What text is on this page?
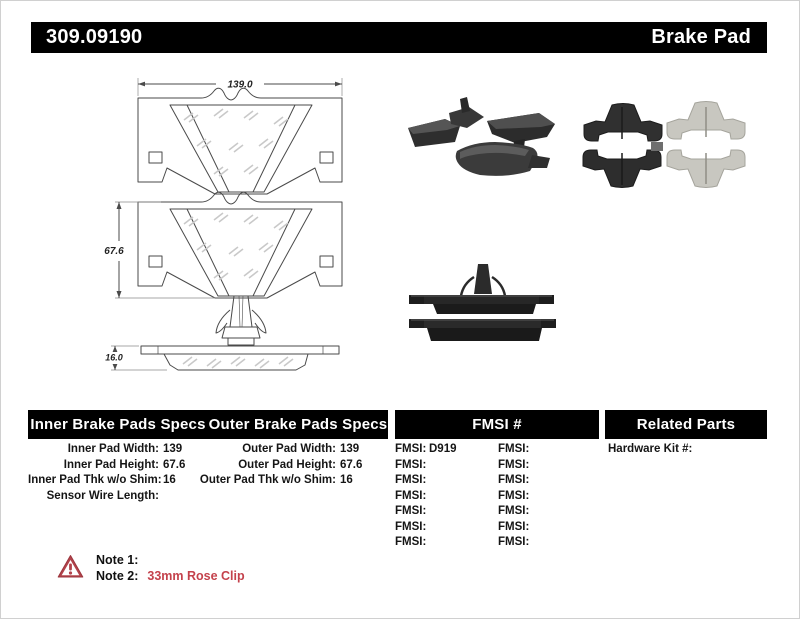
309.09190	Brake Pad
139.0
67.6
16.0
Inner Brake Pads Specs Outer Brake Pads Specs	FMSI #	Related Parts
Inner Pad Width: 139
Inner Pad Height: 67.6
Inner Pad Thk w/o Shim: 16
Sensor Wire Length:
Outer Pad Width: 139
Outer Pad Height: 67.6
Outer Pad Thk w/o Shim: 16
FMSI: D919
FMSI:
FMSI:
FMSI:
FMSI:
FMSI:
FMSI:
FMSI:
FMSI:
FMSI:
FMSI:
FMSI:
FMSI:
FMSI:
Hardware Kit #:
Note 1:
Note 2: 33mm Rose Clip
